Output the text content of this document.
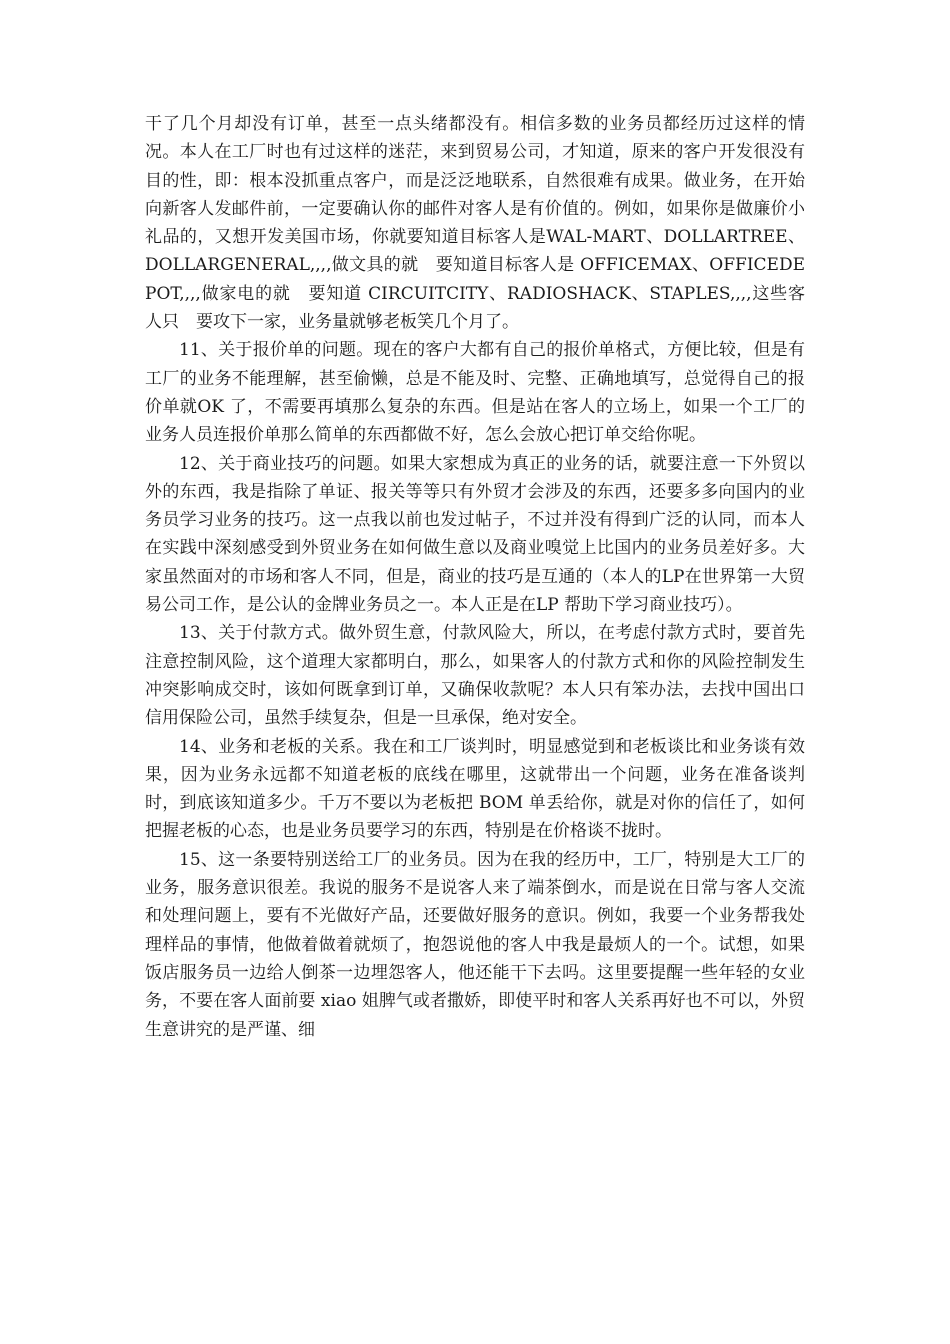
干了几个月却没有订单，甚至一点头绪都没有。相信多数的业务员都经历过这样的情况。本人在工厂时也有过这样的迷茫，来到贸易公司，才知道，原来的客户开发很没有目的性，即：根本没抓重点客户，而是泛泛地联系，自然很难有成果。做业务，在开始向新客人发邮件前，一定要确认你的邮件对客人是有价值的。例如，如果你是做廉价小礼品的，又想开发美国市场，你就要知道目标客人是WAL-MART、DOLLARTREE、DOLLARGENERAL,,,,做文具的就　要知道目标客人是 OFFICEMAX、OFFICEDEPOT,,,,做家电的就　要知道 CIRCUITCITY、RADIOSHACK、STAPLES,,,,这些客人只　要攻下一家，业务量就够老板笑几个月了。

11、关于报价单的问题。现在的客户大都有自己的报价单格式，方便比较，但是有工厂的业务不能理解，甚至偷懒，总是不能及时、完整、正确地填写，总觉得自己的报价单就OK 了，不需要再填那么复杂的东西。但是站在客人的立场上，如果一个工厂的业务人员连报价单那么简单的东西都做不好，怎么会放心把订单交给你呢。

12、关于商业技巧的问题。如果大家想成为真正的业务的话，就要注意一下外贸以外的东西，我是指除了单证、报关等等只有外贸才会涉及的东西，还要多多向国内的业务员学习业务的技巧。这一点我以前也发过帖子，不过并没有得到广泛的认同，而本人在实践中深刻感受到外贸业务在如何做生意以及商业嗅觉上比国内的业务员差好多。大家虽然面对的市场和客人不同，但是，商业的技巧是互通的（本人的LP在世界第一大贸易公司工作，是公认的金牌业务员之一。本人正是在LP 帮助下学习商业技巧）。

13、关于付款方式。做外贸生意，付款风险大，所以，在考虑付款方式时，要首先注意控制风险，这个道理大家都明白，那么，如果客人的付款方式和你的风险控制发生冲突影响成交时，该如何既拿到订单，又确保收款呢？本人只有笨办法，去找中国出口信用保险公司，虽然手续复杂，但是一旦承保，绝对安全。

14、业务和老板的关系。我在和工厂谈判时，明显感觉到和老板谈比和业务谈有效果，因为业务永远都不知道老板的底线在哪里，这就带出一个问题，业务在准备谈判时，到底该知道多少。千万不要以为老板把 BOM 单丢给你，就是对你的信任了，如何把握老板的心态，也是业务员要学习的东西，特别是在价格谈不拢时。

15、这一条要特别送给工厂的业务员。因为在我的经历中，工厂，特别是大工厂的业务，服务意识很差。我说的服务不是说客人来了端茶倒水，而是说在日常与客人交流和处理问题上，要有不光做好产品，还要做好服务的意识。例如，我要一个业务帮我处理样品的事情，他做着做着就烦了，抱怨说他的客人中我是最烦人的一个。试想，如果饭店服务员一边给人倒茶一边埋怨客人，他还能干下去吗。这里要提醒一些年轻的女业务，不要在客人面前要 xiao 姐脾气或者撒娇，即使平时和客人关系再好也不可以，外贸生意讲究的是严谨、细
